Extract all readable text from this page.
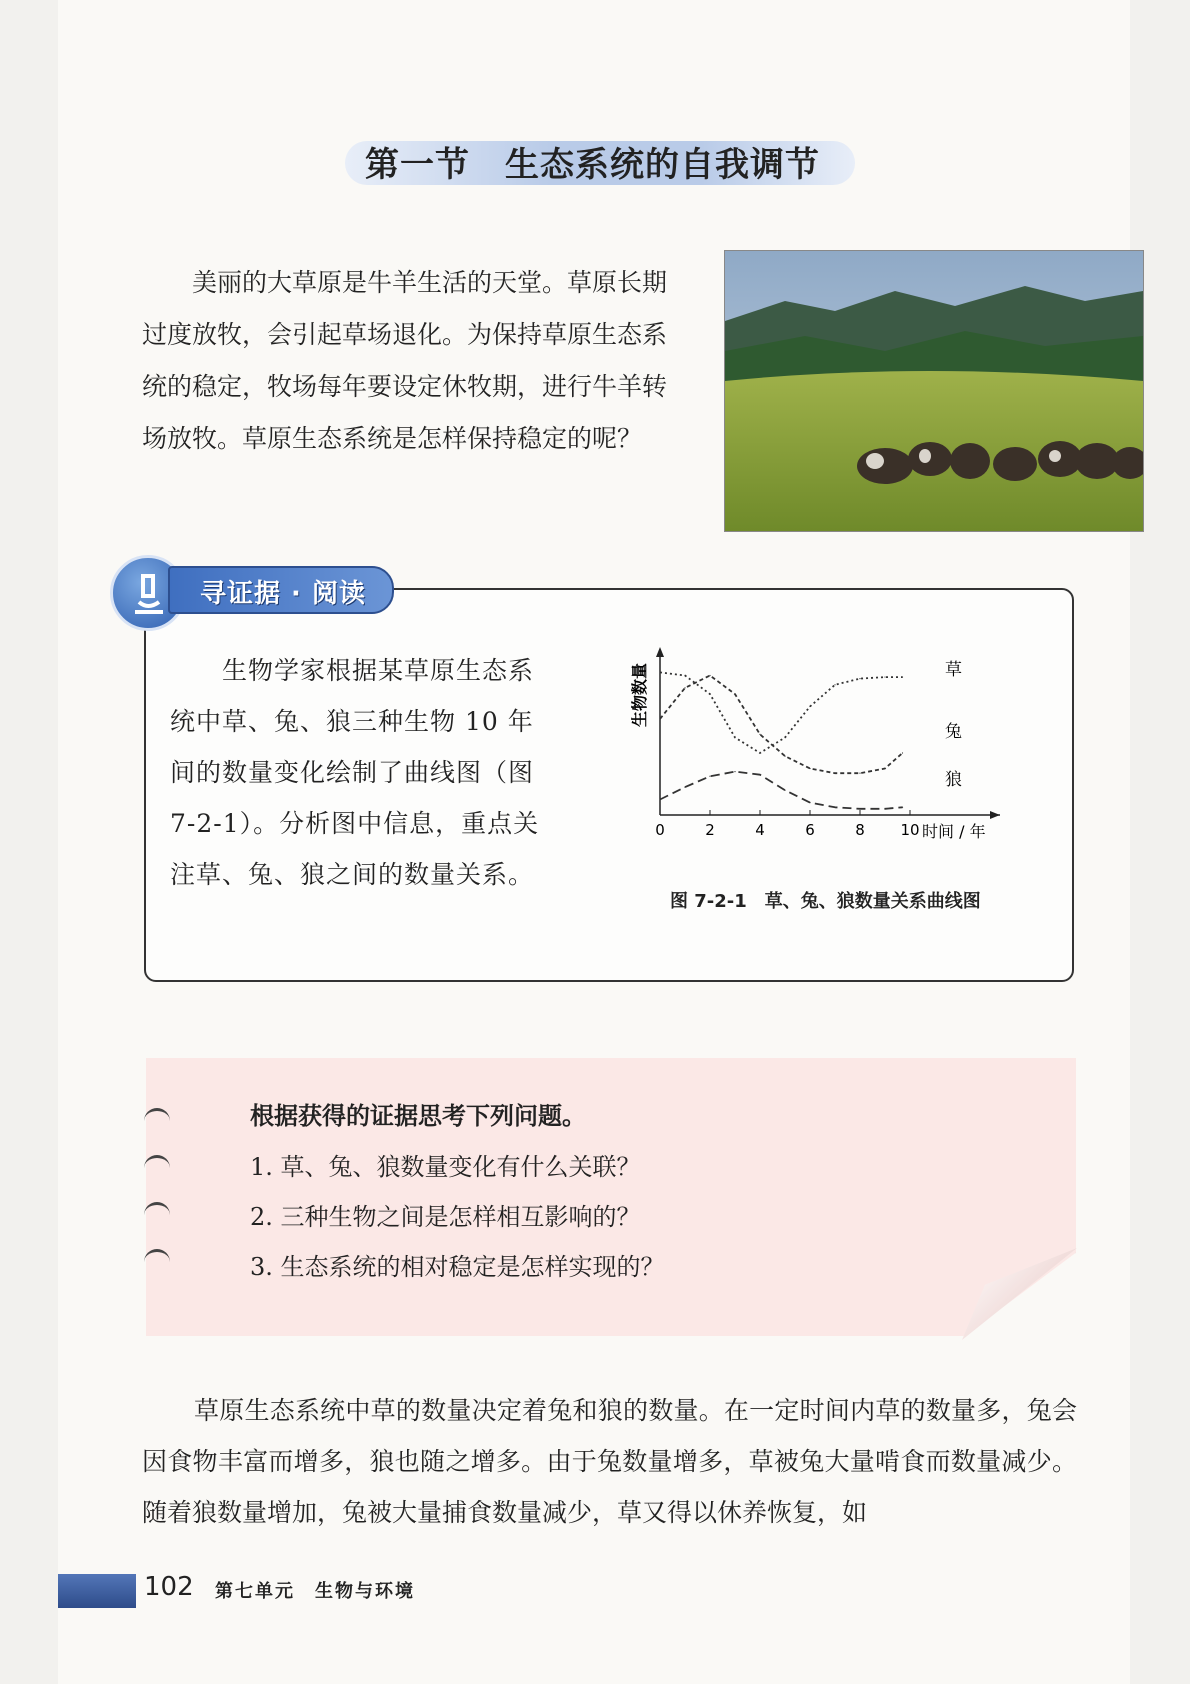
第一节　生态系统的自我调节
美丽的大草原是牛羊生活的天堂。草原长期过度放牧，会引起草场退化。为保持草原生态系统的稳定，牧场每年要设定休牧期，进行牛羊转场放牧。草原生态系统是怎样保持稳定的呢？
寻证据 · 阅读
生物学家根据某草原生态系统中草、兔、狼三种生物 10 年间的数量变化绘制了曲线图（图 7-2-1）。分析图中信息，重点关注草、兔、狼之间的数量关系。
生物数量
0	2	4	6	8 10 时间 / 年
草
兔
狼
图 7-2-1　草、兔、狼数量关系曲线图
根据获得的证据思考下列问题。
1. 草、兔、狼数量变化有什么关联？
2. 三种生物之间是怎样相互影响的？
3. 生态系统的相对稳定是怎样实现的？
草原生态系统中草的数量决定着兔和狼的数量。在一定时间内草的数量多，兔会因食物丰富而增多，狼也随之增多。由于兔数量增多，草被兔大量啃食而数量减少。随着狼数量增加，兔被大量捕食数量减少，草又得以休养恢复，如
102 第七单元　生物与环境
